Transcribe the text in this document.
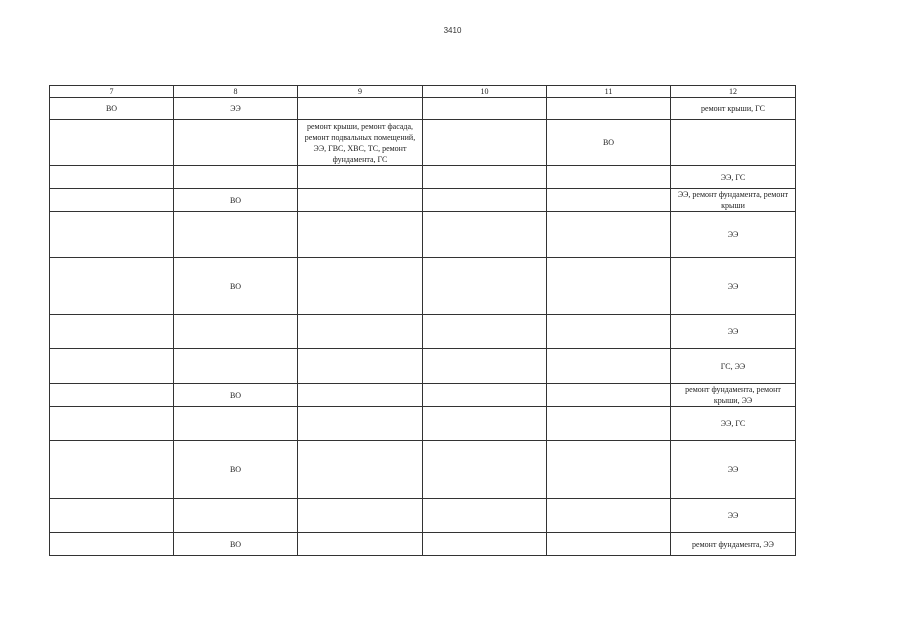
3410
7	8	9	10	11	12

ВО	ЭЭ				ремонт крыши, ГС

		ремонт крыши, ремонт фасада, ремонт подвальных помещений, ЭЭ, ГВС, ХВС, ТС, ремонт фундамента, ГС		ВО	

					ЭЭ, ГС

	ВО				ЭЭ, ремонт фундамента, ремонт крыши

					ЭЭ

	ВО				ЭЭ

					ЭЭ

					ГС, ЭЭ

	ВО				ремонт фундамента, ремонт крыши, ЭЭ

					ЭЭ, ГС

	ВО				ЭЭ

					ЭЭ

	ВО				ремонт фундамента, ЭЭ
